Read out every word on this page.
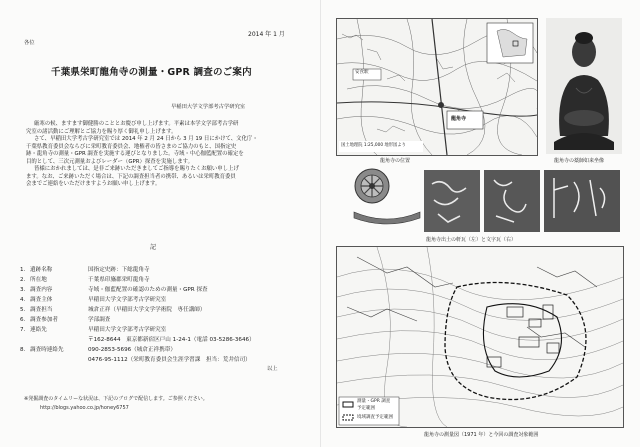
2014 年 1 月
各位
千葉県栄町龍角寺の測量・GPR 調査のご案内
早稲田大学文学部考古学研究室
厳寒の候、ますます御健勝のこととお慶び申し上げます。平素は本学文学部考古学研
究室の諸活動にご理解とご協力を賜り厚く御礼申し上げます。
さて、早稲田大学考古学研究室では 2014 年 2 月 24 日から 3 月 19 日にかけて、文化庁・
千葉県教育委員会ならびに栄町教育委員会、地権者の皆さまのご協力のもと、国指定史
跡・龍角寺の測量・GPR 調査を実施する運びとなりました。寺域・中心伽藍配置の確定を
目的として、三次元測量およびレーダー（GPR）探査を実施します。
皆様におかれましては、是非ご来跡いただきましてご指導を賜りたくお願い申し上げ
ます。なお、ご来跡いただく場合は、下記の調査担当者の携帯、あるいは栄町教育委員
会までご連絡をいただけますようお願い申し上げます。
記
1. 遺跡名称	国指定史跡：下総龍角寺
2. 所在地	千葉県印旛郡栄町龍角寺
3. 調査内容	寺域・伽藍配置の確認のための測量・GPR 探査
4. 調査主体	早稲田大学文学部考古学研究室
5. 調査担当	城倉正祥（早稲田大学文学学術院　専任講師）
6. 調査参加者	学部調査
7. 連絡先	早稲田大学文学部考古学研究室
〒162-8644　東京都新宿区戸山 1-24-1（電話 03-5286-3646）
8. 調査時連絡先	090-2853-5696（城倉正祥携帯）
0476-95-1112（栄町教育委員会生涯学習課　担当：荒井信司）
以上
※発掘調査のタイムリーな状況は、下記のブログで配信します。ご参照ください。
http://blogs.yahoo.co.jp/honey6757
安食駅
龍角寺
国土地理院 1:25,000 地形図より
龍角寺の位置	龍角寺の薬師如来坐像
龍角寺出土の軒瓦（左）と文字瓦（右）
測量・GPR 調査
予定範囲
境域調査予定範囲
龍角寺の測量図（1971 年）と今回の調査対象範囲
